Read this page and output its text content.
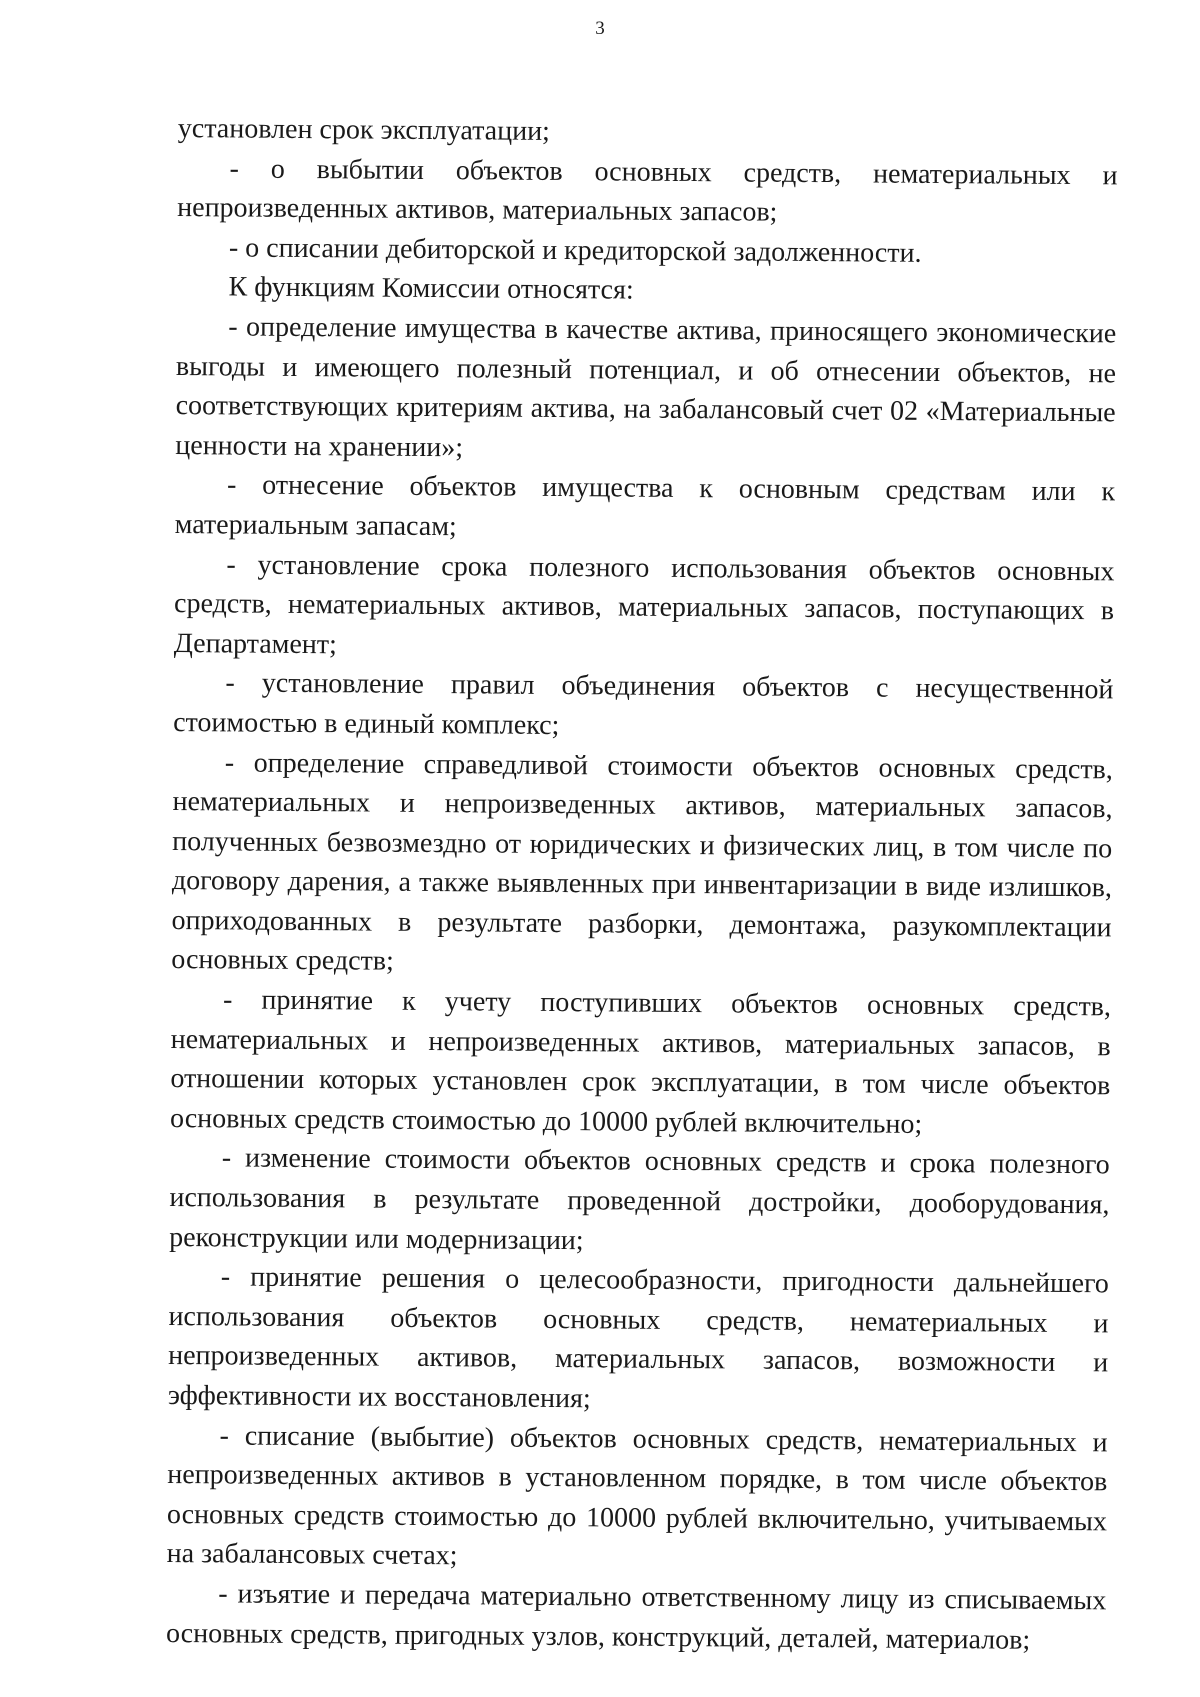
3

установлен срок эксплуатации;

- о выбытии объектов основных средств, нематериальных и непроизведенных активов, материальных запасов;

- о списании дебиторской и кредиторской задолженности.

К функциям Комиссии относятся:

- определение имущества в качестве актива, приносящего экономические выгоды и имеющего полезный потенциал, и об отнесении объектов, не соответствующих критериям актива, на забалансовый счет 02 «Материальные ценности на хранении»;

- отнесение объектов имущества к основным средствам или к материальным запасам;

- установление срока полезного использования объектов основных средств, нематериальных активов, материальных запасов, поступающих в Департамент;

- установление правил объединения объектов с несущественной стоимостью в единый комплекс;

- определение справедливой стоимости объектов основных средств, нематериальных и непроизведенных активов, материальных запасов, полученных безвозмездно от юридических и физических лиц, в том числе по договору дарения, а также выявленных при инвентаризации в виде излишков, оприходованных в результате разборки, демонтажа, разукомплектации основных средств;

- принятие к учету поступивших объектов основных средств, нематериальных и непроизведенных активов, материальных запасов, в отношении которых установлен срок эксплуатации, в том числе объектов основных средств стоимостью до 10000 рублей включительно;

- изменение стоимости объектов основных средств и срока полезного использования в результате проведенной достройки, дооборудования, реконструкции или модернизации;

- принятие решения о целесообразности, пригодности дальнейшего использования объектов основных средств, нематериальных и непроизведенных активов, материальных запасов, возможности и эффективности их восстановления;

- списание (выбытие) объектов основных средств, нематериальных и непроизведенных активов в установленном порядке, в том числе объектов основных средств стоимостью до 10000 рублей включительно, учитываемых на забалансовых счетах;

- изъятие и передача материально ответственному лицу из списываемых основных средств, пригодных узлов, конструкций, деталей, материалов;
